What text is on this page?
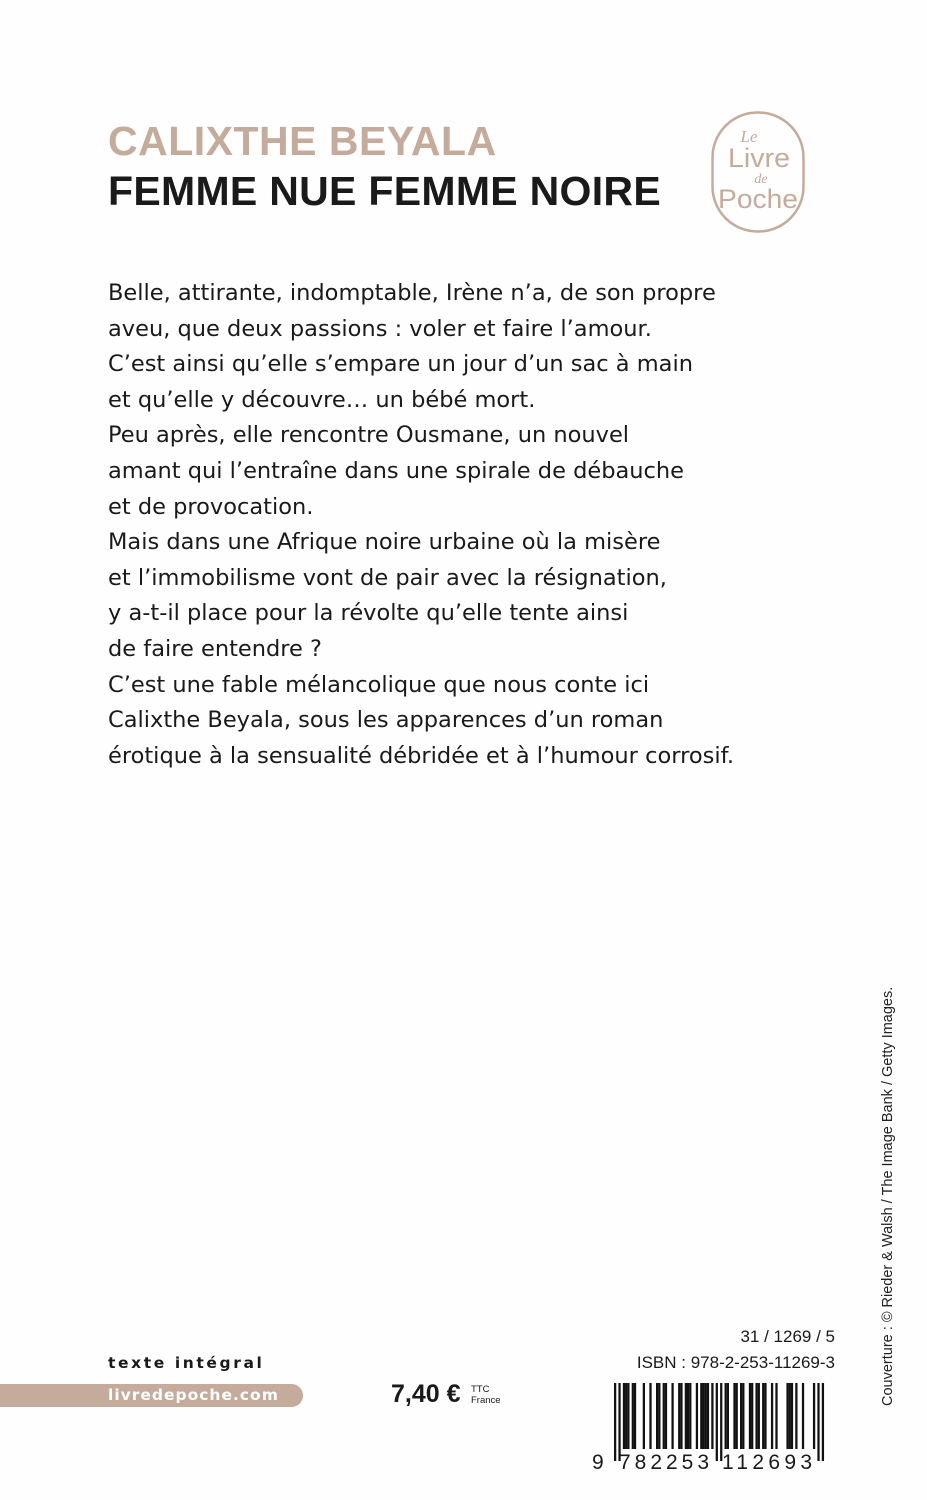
CALIXTHE BEYALA
FEMME NUE FEMME NOIRE
Le
Livre
de
Poche
Belle, attirante, indomptable, Irène n’a, de son propre
aveu, que deux passions : voler et faire l’amour.
C’est ainsi qu’elle s’empare un jour d’un sac à main
et qu’elle y découvre… un bébé mort.
Peu après, elle rencontre Ousmane, un nouvel
amant qui l’entraîne dans une spirale de débauche
et de provocation.
Mais dans une Afrique noire urbaine où la misère
et l’immobilisme vont de pair avec la résignation,
y a-t-il place pour la révolte qu’elle tente ainsi
de faire entendre ?
C’est une fable mélancolique que nous conte ici
Calixthe Beyala, sous les apparences d’un roman
érotique à la sensualité débridée et à l’humour corrosif.
Couverture : © Rieder & Walsh / The Image Bank / Getty Images.
texte intégral
livredepoche.com	7,40 € TTC
France
31 / 1269 / 5
ISBN : 978-2-253-11269-3
9 782253 112693
